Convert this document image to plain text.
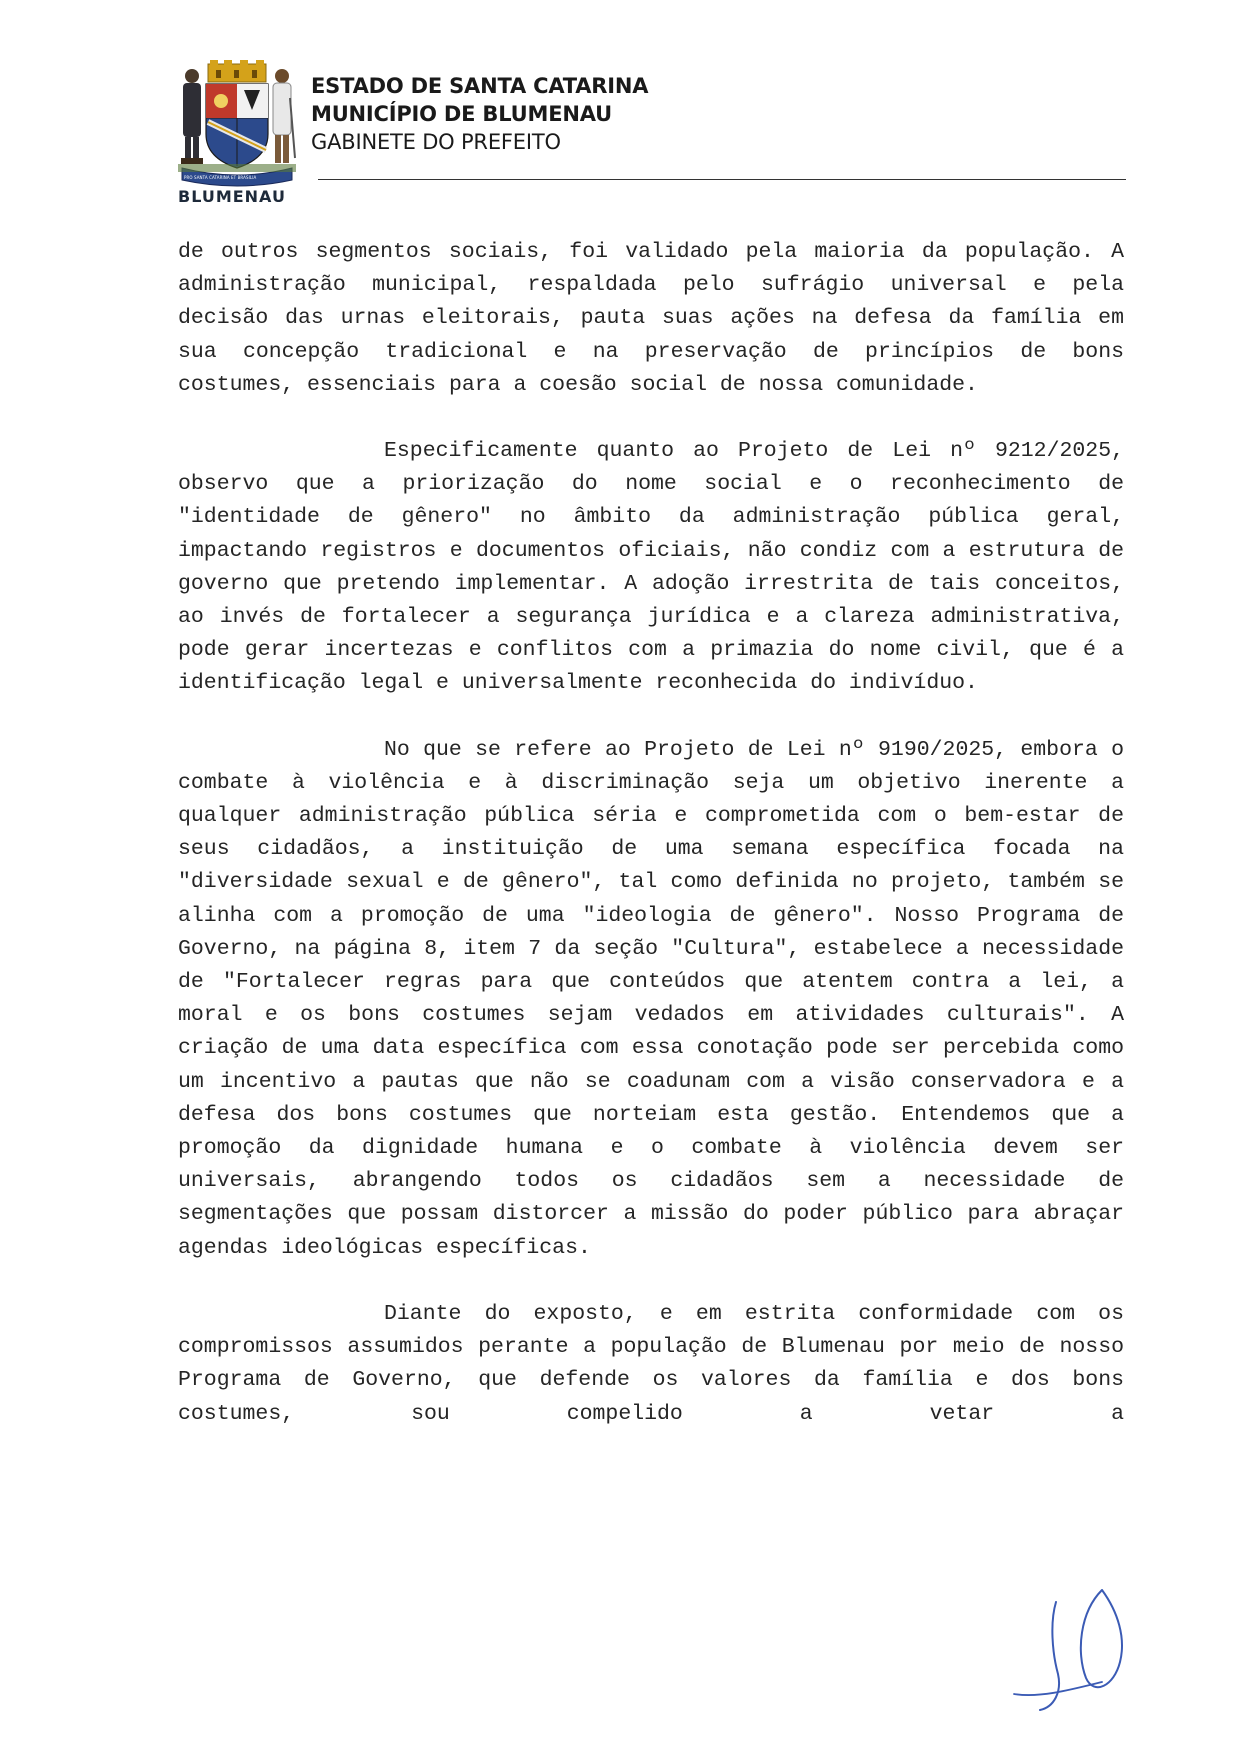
BLUMENAU
PRO SANTA CATARINA ET BRASILIA
ESTADO DE SANTA CATARINA
MUNICÍPIO DE BLUMENAU
GABINETE DO PREFEITO

de outros segmentos sociais, foi validado pela maioria da população. A administração municipal, respaldada pelo sufrágio universal e pela decisão das urnas eleitorais, pauta suas ações na defesa da família em sua concepção tradicional e na preservação de princípios de bons costumes, essenciais para a coesão social de nossa comunidade.

Especificamente quanto ao Projeto de Lei nº 9212/2025, observo que a priorização do nome social e o reconhecimento de "identidade de gênero" no âmbito da administração pública geral, impactando registros e documentos oficiais, não condiz com a estrutura de governo que pretendo implementar. A adoção irrestrita de tais conceitos, ao invés de fortalecer a segurança jurídica e a clareza administrativa, pode gerar incertezas e conflitos com a primazia do nome civil, que é a identificação legal e universalmente reconhecida do indivíduo.

No que se refere ao Projeto de Lei nº 9190/2025, embora o combate à violência e à discriminação seja um objetivo inerente a qualquer administração pública séria e comprometida com o bem-estar de seus cidadãos, a instituição de uma semana específica focada na "diversidade sexual e de gênero", tal como definida no projeto, também se alinha com a promoção de uma "ideologia de gênero". Nosso Programa de Governo, na página 8, item 7 da seção "Cultura", estabelece a necessidade de "Fortalecer regras para que conteúdos que atentem contra a lei, a moral e os bons costumes sejam vedados em atividades culturais". A criação de uma data específica com essa conotação pode ser percebida como um incentivo a pautas que não se coadunam com a visão conservadora e a defesa dos bons costumes que norteiam esta gestão. Entendemos que a promoção da dignidade humana e o combate à violência devem ser universais, abrangendo todos os cidadãos sem a necessidade de segmentações que possam distorcer a missão do poder público para abraçar agendas ideológicas específicas.

Diante do exposto, e em estrita conformidade com os compromissos assumidos perante a população de Blumenau por meio de nosso Programa de Governo, que defende os valores da família e dos bons costumes, sou compelido a vetar a
